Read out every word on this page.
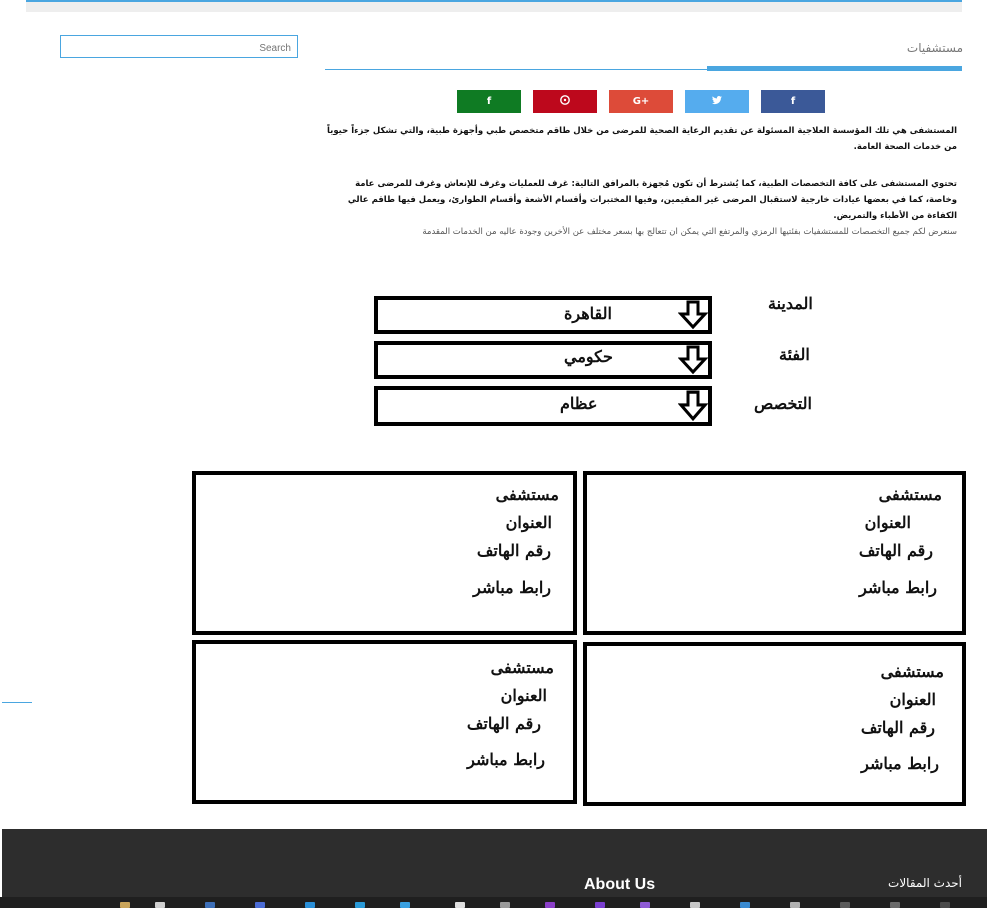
Search
مستشفيات
f
G+
f

المستشفى هي تلك المؤسسة العلاجية المسئولة عن تقديم الرعاية الصحية للمرضى من خلال طاقم متخصص طبي وأجهزة طبية، والتي تشكل جزءاً حيوياً من خدمات الصحة العامة.

تحتوي المستشفى على كافة التخصصات الطبية، كما يُشترط أن تكون مُجهزة بالمرافق التالية: غرف للعمليات وغرف للإنعاش وغرف للمرضى عامة وخاصة، كما في بعضها عيادات خارجية لاستقبال المرضى غير المقيمين، وفيها المختبرات وأقسام الأشعة وأقسام الطوارئ، ويعمل فيها طاقم عالي الكفاءة من الأطباء والتمريض.

سنعرض لكم جميع التخصصات للمستشفيات بفئتيها الرمزي والمرتفع التي يمكن ان تتعالج بها بسعر مختلف عن الأخرين وجودة عاليه من الخدمات المقدمة

المدينة
القاهرة
الفئة
حكومي
التخصص
عظام
مستشفى
العنوان
رقم الهاتف
رابط مباشر
مستشفى
العنوان
رقم الهاتف
رابط مباشر
مستشفى
العنوان
رقم الهاتف
رابط مباشر
مستشفى
العنوان
رقم الهاتف
رابط مباشر
About Us	أحدث المقالات
